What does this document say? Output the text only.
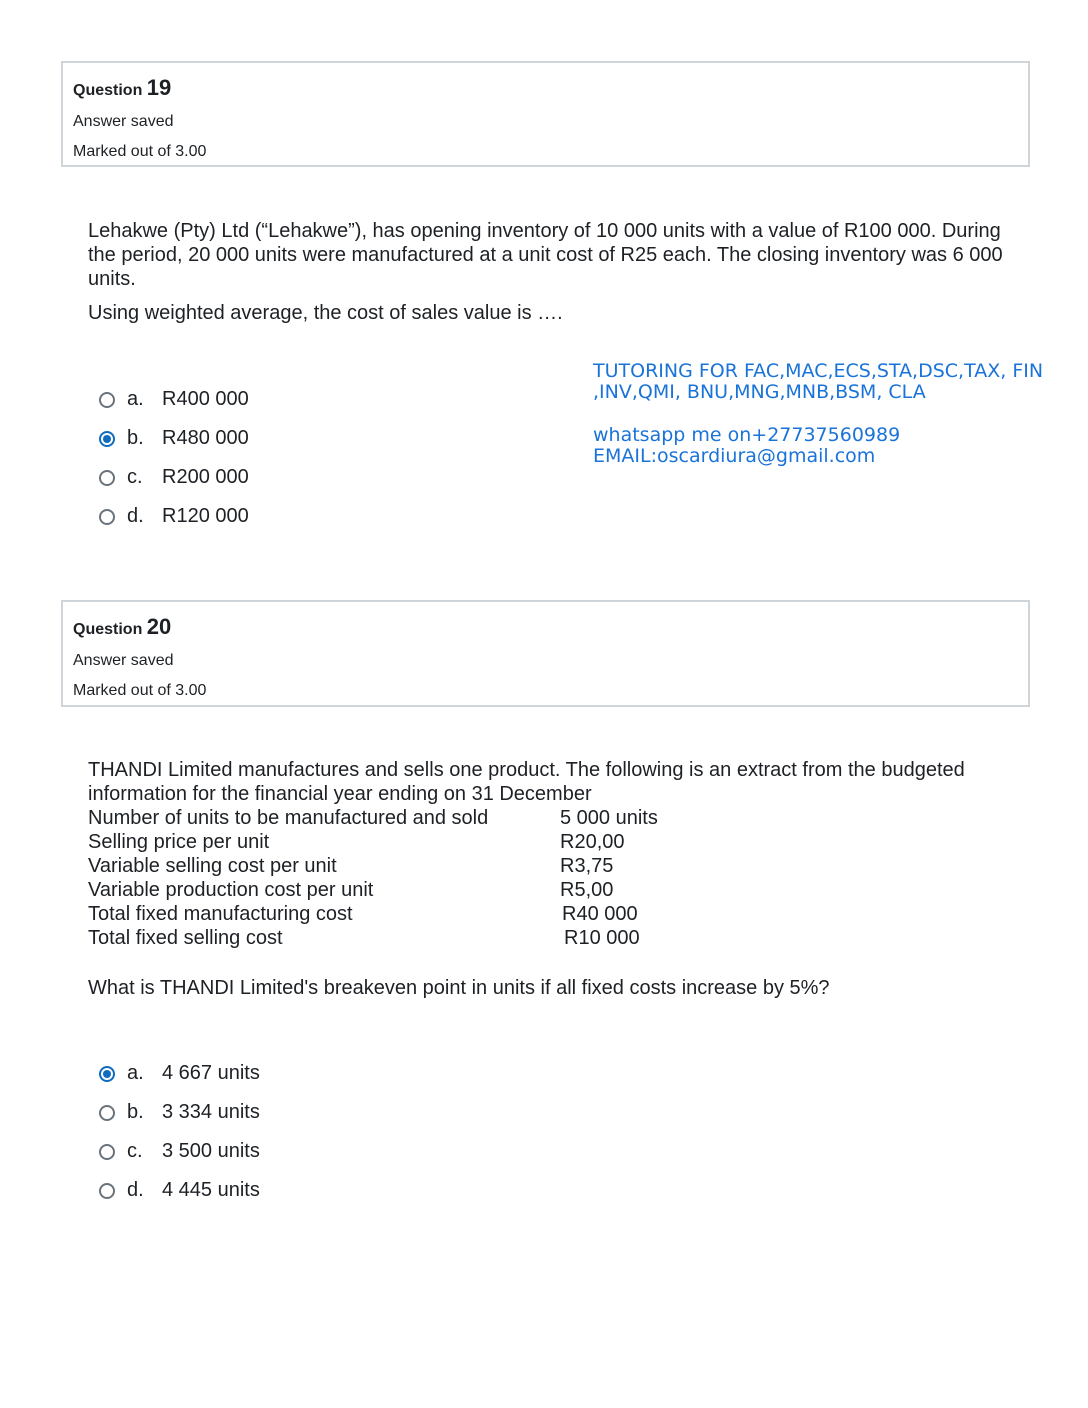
Question 19
Answer saved
Marked out of 3.00

Lehakwe (Pty) Ltd (“Lehakwe”), has opening inventory of 10 000 units with a value of R100 000. During the period, 20 000 units were manufactured at a unit cost of R25 each. The closing inventory was 6 000 units.

Using weighted average, the cost of sales value is ….

a. R400 000
b. R480 000
c. R200 000
d. R120 000
TUTORING FOR FAC,MAC,ECS,STA,DSC,TAX, FIN
,INV,QMI, BNU,MNG,MNB,BSM, CLA
whatsapp me on+27737560989
EMAIL:oscardiura@gmail.com
Question 20
Answer saved
Marked out of 3.00

THANDI Limited manufactures and sells one product. The following is an extract from the budgeted

information for the financial year ending on 31 December

Number of units to be manufactured and sold	5 000 units
Selling price per unit	R20,00
Variable selling cost per unit	R3,75
Variable production cost per unit	R5,00
Total fixed manufacturing cost	R40 000
Total fixed selling cost	R10 000

What is THANDI Limited's breakeven point in units if all fixed costs increase by 5%?

a. 4 667 units
b. 3 334 units
c. 3 500 units
d. 4 445 units
